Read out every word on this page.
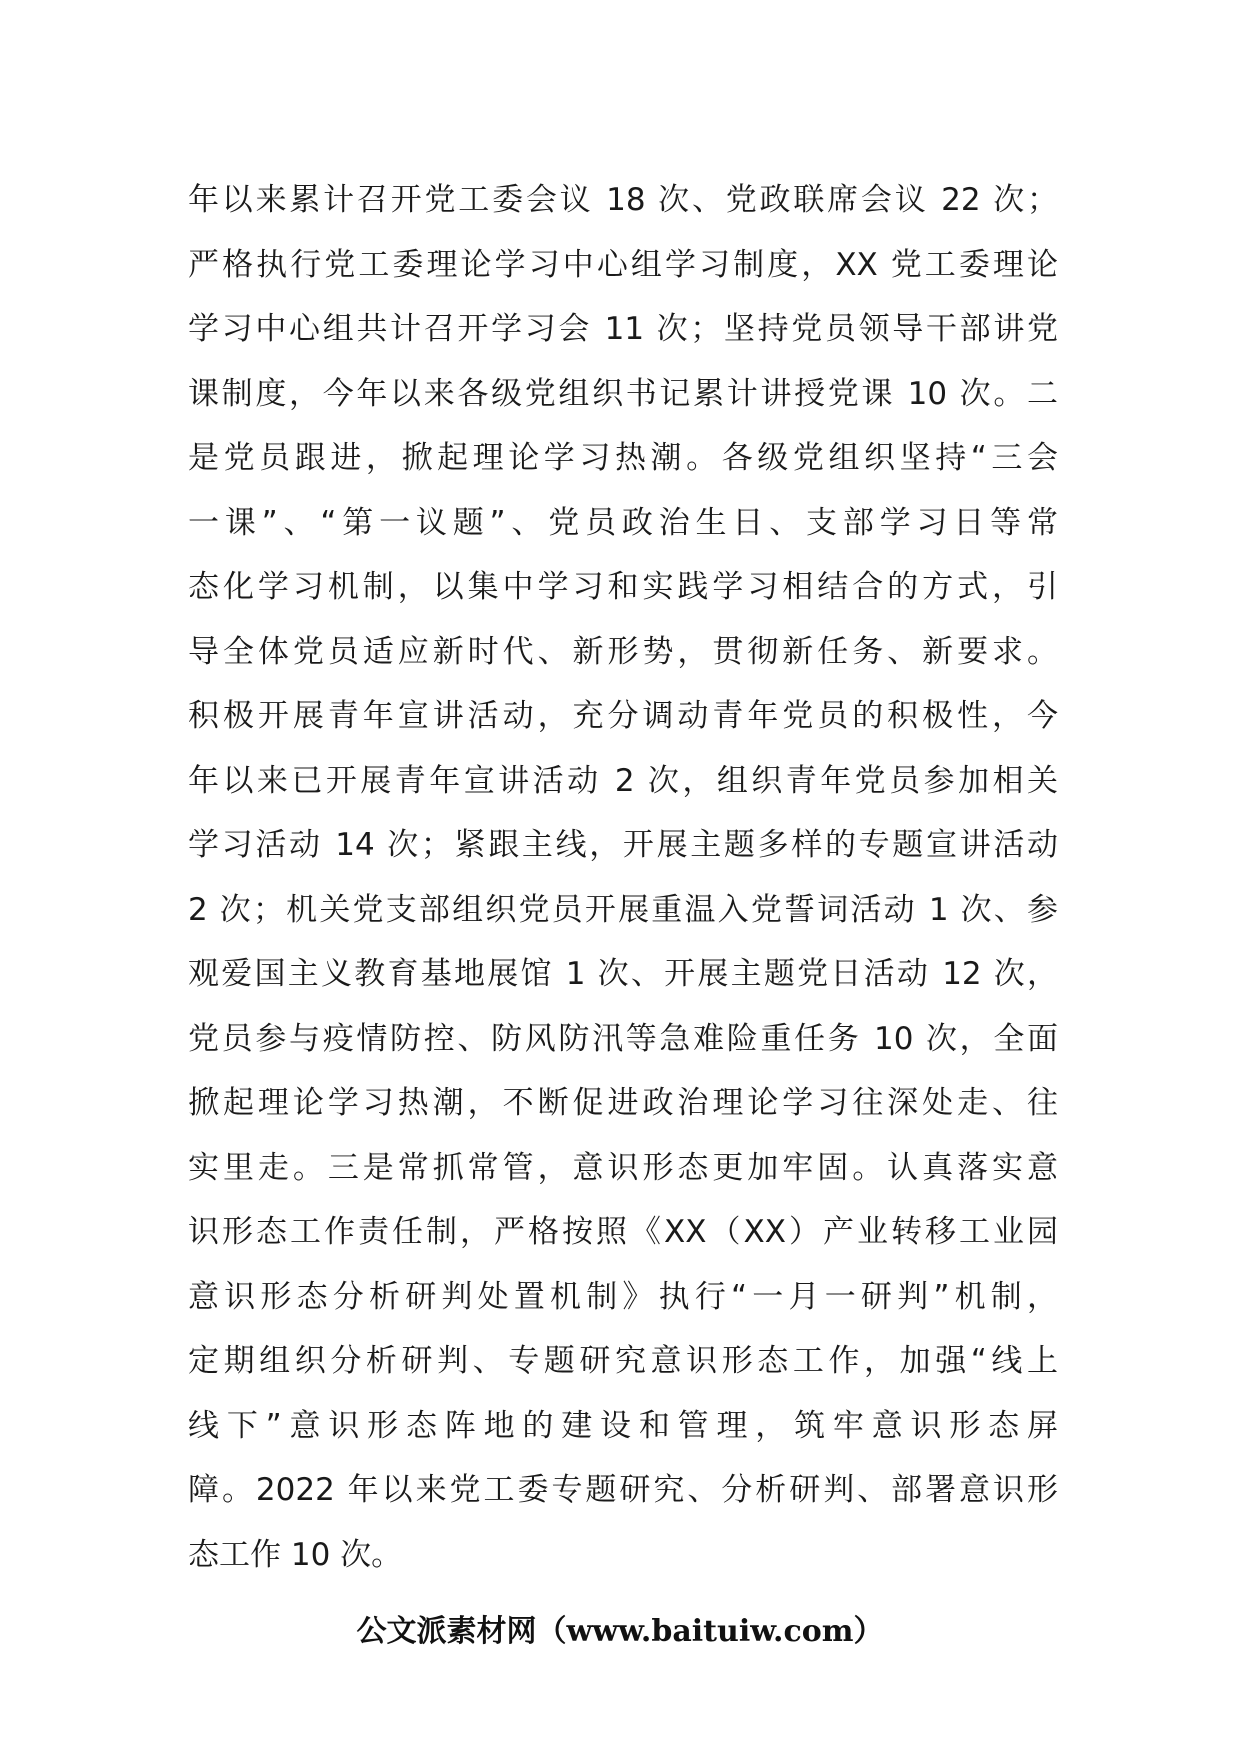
年以来累计召开党工委会议 18 次、党政联席会议 22 次；
严格执行党工委理论学习中心组学习制度，XX 党工委理论
学习中心组共计召开学习会 11 次；坚持党员领导干部讲党
课制度，今年以来各级党组织书记累计讲授党课 10 次。二
是党员跟进，掀起理论学习热潮。各级党组织坚持“三会
一课”、“第一议题”、党员政治生日、支部学习日等常
态化学习机制，以集中学习和实践学习相结合的方式，引
导全体党员适应新时代、新形势，贯彻新任务、新要求。
积极开展青年宣讲活动，充分调动青年党员的积极性，今
年以来已开展青年宣讲活动 2 次，组织青年党员参加相关
学习活动 14 次；紧跟主线，开展主题多样的专题宣讲活动
2 次；机关党支部组织党员开展重温入党誓词活动 1 次、参
观爱国主义教育基地展馆 1 次、开展主题党日活动 12 次，
党员参与疫情防控、防风防汛等急难险重任务 10 次，全面
掀起理论学习热潮，不断促进政治理论学习往深处走、往
实里走。三是常抓常管，意识形态更加牢固。认真落实意
识形态工作责任制，严格按照《XX（XX）产业转移工业园
意识形态分析研判处置机制》执行“一月一研判”机制，
定期组织分析研判、专题研究意识形态工作，加强“线上
线下”意识形态阵地的建设和管理，筑牢意识形态屏
障。2022 年以来党工委专题研究、分析研判、部署意识形
态工作 10 次。
公文派素材网（www.baituiw.com）
